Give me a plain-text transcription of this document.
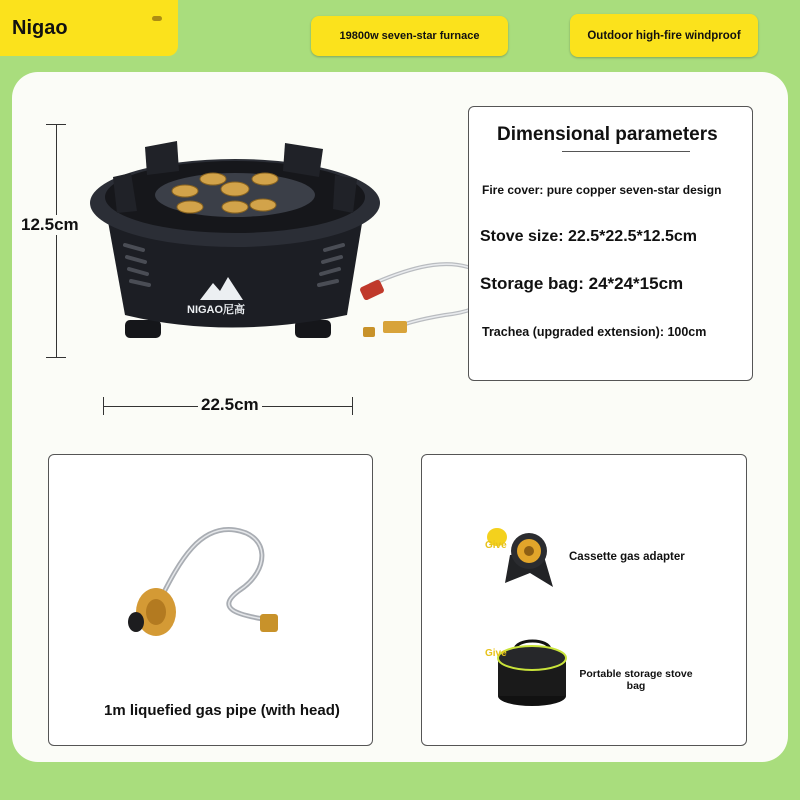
Nigao	19800w seven-star furnace	Outdoor high-fire windproof
12.5cm
22.5cm
NIGAO尼高
Dimensional parameters
Fire cover: pure copper seven-star design
Stove size: 22.5*22.5*12.5cm
Storage bag: 24*24*15cm
Trachea (upgraded extension): 100cm
1m liquefied gas pipe (with head)
Give
Cassette gas adapter
Give
Portable storage stove bag
